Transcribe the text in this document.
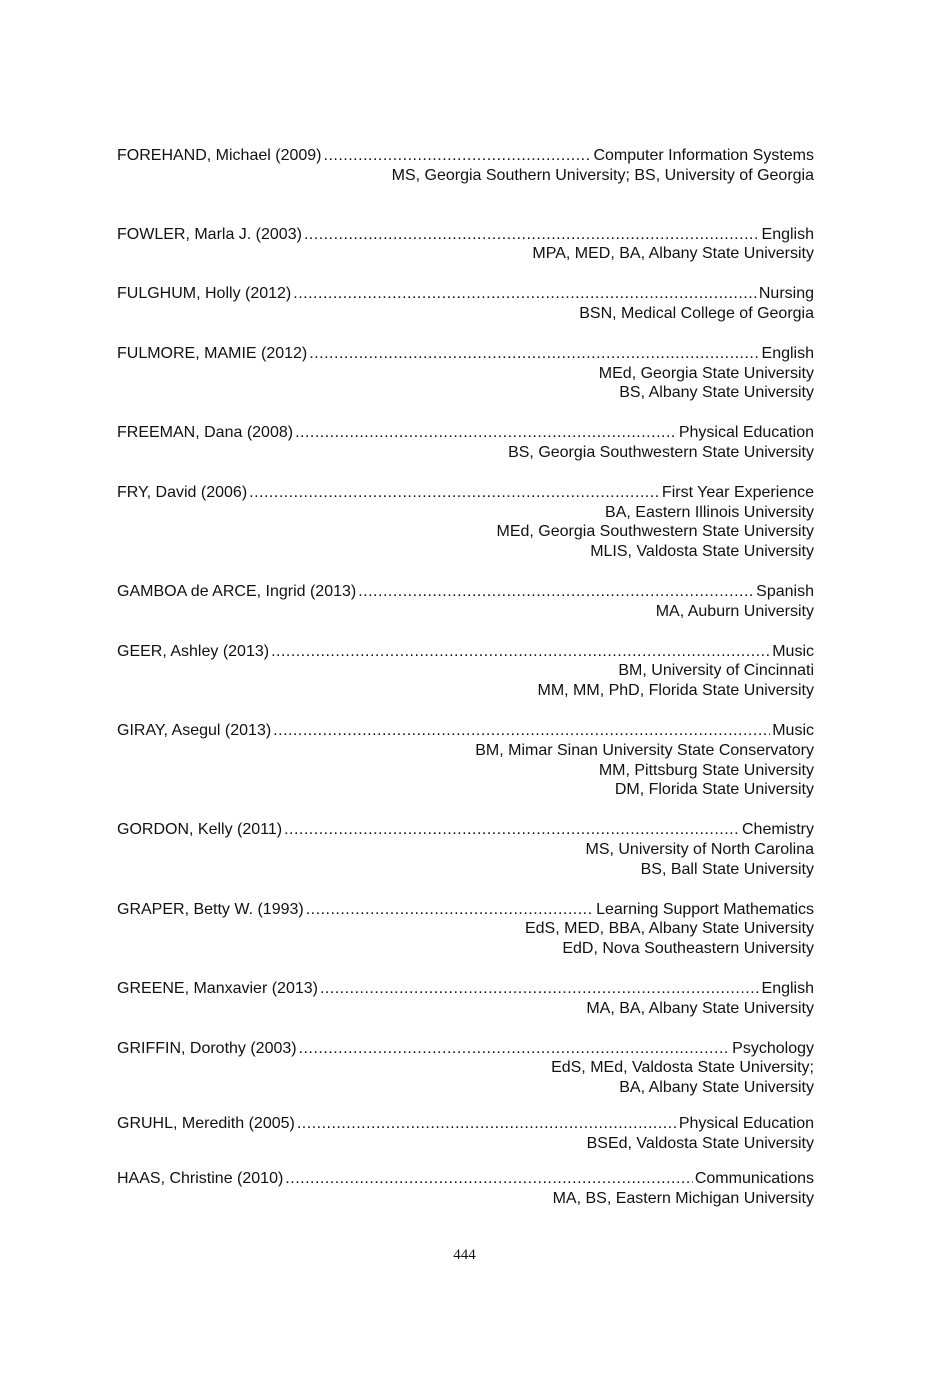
FOREHAND, Michael (2009) .....	Computer Information Systems
MS, Georgia Southern University; BS, University of Georgia
FOWLER, Marla J. (2003) .....	English
MPA, MED, BA, Albany State University
FULGHUM, Holly (2012) .....	Nursing
BSN, Medical College of Georgia
FULMORE, MAMIE (2012) .....	English
MEd, Georgia State University
BS, Albany State University
FREEMAN, Dana (2008) .....	Physical Education
BS, Georgia Southwestern State University
FRY, David (2006) .....	First Year Experience
BA, Eastern Illinois University
MEd, Georgia Southwestern State University
MLIS, Valdosta State University
GAMBOA de ARCE, Ingrid (2013) .....	Spanish
MA, Auburn University
GEER, Ashley (2013) .....	Music
BM, University of Cincinnati
MM, MM, PhD, Florida State University
GIRAY, Asegul (2013) .....	Music
BM, Mimar Sinan University State Conservatory
MM, Pittsburg State University
DM, Florida State University
GORDON, Kelly (2011) .....	Chemistry
MS, University of North Carolina
BS, Ball State University
GRAPER, Betty W. (1993) .....	Learning Support Mathematics
EdS, MED, BBA, Albany State University
EdD, Nova Southeastern University
GREENE, Manxavier (2013) .....	English
MA, BA, Albany State University
GRIFFIN, Dorothy (2003) .....	Psychology
EdS, MEd, Valdosta State University;
BA, Albany State University
GRUHL, Meredith (2005) .....	Physical Education
BSEd, Valdosta State University
HAAS, Christine (2010) .....	Communications
MA, BS, Eastern Michigan University
444
